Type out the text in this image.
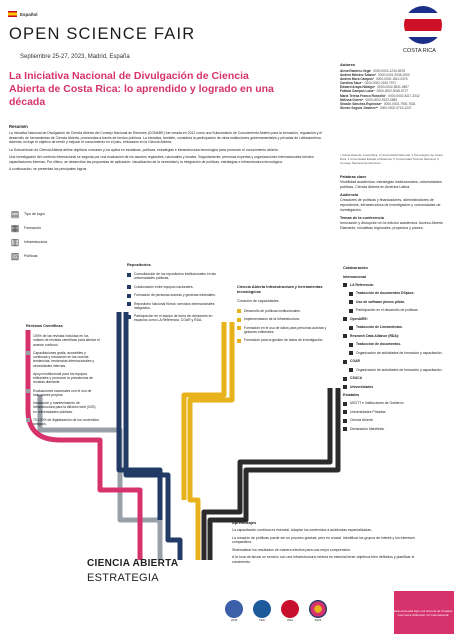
Español
OPEN SCIENCE FAIR
Septiembre 25-27, 2023, Madrid, España
La Iniciativa Nacional de Divulgación de Ciencia Abierta de Costa Rica: lo aprendido y logrado en una década
COSTA RICA
Autores
Alexa Ramírez-Vega¹ 0000-0002-1234-5678
Andrea Méndez Solano² 0000-0001-9436-2000
Andrea Mora Campos³ 0000-0002-1812-0376
Carolina Sauz⁴ 0000-0002-2183-7971
Edward Araya-Hidalgo⁵ 0000-0002-5631-0897
Fabiola Campos Luna⁶ 0000-0002-9046-9727
María Teresa Franco Rosselló⁷ 0000-0002-8117-2042
Melissa Guerri⁸ 0000-0002-9102-0885
Shaslin Sánchez-Espinosa⁹ 0000-0002-7900-7534
Steven Segura Jiménez¹⁰ 0000-0002-0715-1247
¹ Universidad de Costa Rica, 2 Universidad Nacional, 3 Tecnológico de Costa Rica, 4 Universidad Estatal a Distancia, 5 Universidad Técnica Nacional, 6 Consejo Nacional de Rectores
Palabras clave
Visibilidad académica; estrategias institucionales, universidades públicas, Ciencia Abierta en América Latina.
Audiencia
Creadores de políticas y financiadores, administradores de repositorios, infraestructura de investigación y comunidades de investigación.
Temas de la conferencia
Innovación y disrupción en la edición académica. Acceso Abierto Diamante, iniciativas regionales, proyectos y planes.
Resumen

La Iniciativa Nacional de Divulgación de Ciencia Abierta del Consejo Nacional de Rectores (CONARE) fue creada en 2012 como una Subcomisión de Conocimiento Abierto para la formación, regulación y el desarrollo de herramientas de Ciencia Abierta, promovidas a través de fondos públicos. La iniciativa, también, considera la participación de otras instituciones gubernamentales y privadas de Latinoamérica. Además, incluye el objetivo de medir y mejorar el conocimiento en el país, enfocados en la Ciencia Abierta.

La Subcomisión de Ciencia Abierta define objetivos comunes y los aplica en iniciativas, políticas, estrategias e infraestructura tecnológica para promover el conocimiento abierto.

Una investigación del contexto internacional se seguida por una evaluación de los asuntos regionales, nacionales y locales. Seguidamente, personas expertas y organizaciones internacionales brinden capacitaciones internas. Por último, se desarrollan las propuestas de aplicación: visualización de la necesidad y la integración de políticas, estrategias e infraestructura tecnológica.

A continuación, se presentan los principales logros:

▤ Tipo de logro
▦ Formación
▥ Infraestructura
▧ Políticas
Revistas Científicas
100% de las revistas incluidas en los índices de revistas científicas para alentar el avance continuo.
Capacitaciones gratis, accesibles y continuas y educación en las nuevas tendencias, tendencias internacionales y necesidades internas.
Apoyo institucional para los equipos editoriales y promover la prevalencia de revistas diamante.
Evaluaciones nacionales con el uso de indicadores propios.
Instalación y mantenimiento de infraestructura para la difusión web (OJS) en universidades públicas.
70-100% de digitalización de los contenidos antiguos.
Repositorios
Consolidación de los repositorios institucionales en las universidades públicas.
Colaboración entre equipos nacionales.
Formación de personas autoras y gestoras editoriales.
Repositorio Nacional Kimuk: servicios internacionales integrados.
Participación en el equipo de toma de decisiones en espacios como LA Referencia, COAR y RDA.
Ciencia Abierta Infraestructura y herramientas tecnológicas
Creación de capacidades
Desarrollo de políticas institucionales.
Implementación de la infraestructura.
Formación en el uso de datos para personas autoras y gestoras editoriales.
Formación para la gestión de datos de investigación.
Colaboración
Internacional
LA Referencia:
Traducción de documentos DSpace.
Uso de software plenes piloto.
Participación en el desarrollo de políticas.
OpenAIRE:
Traducción de Lineamientos.
Research Data Alliance (RDA):
Traducción de documentos.
Organización de actividades de formación y capacitación.
COAR
Organización de actividades de formación y capacitación.
CSUCA
Universidades
Estatales
MICITT e Instituciones de Gobierno
Universidades Privadas
Ciencia Abierta
Declaración Manifiesto
Aprendizajes

La capacitación continua es esencial. Adaptar los contenidos a audiencias especializadas.

La creación de políticas puede ser un proceso gradual, pero es crucial. Identificar los grupos de interés y los intereses compartidos.

Sistematizar los resultados de manera efectiva para una mejor comprensión.

A la hora de lanzar un servicio con una infraestructura mínima es esencial tener objetivos bien definidos y planificar el crecimiento.

CIENCIA ABIERTA
ESTRATEGIA
UCR	TEC	UNA	2023
Esta obra está bajo una licencia de Creative Commons Atribución 4.0 Internacional
